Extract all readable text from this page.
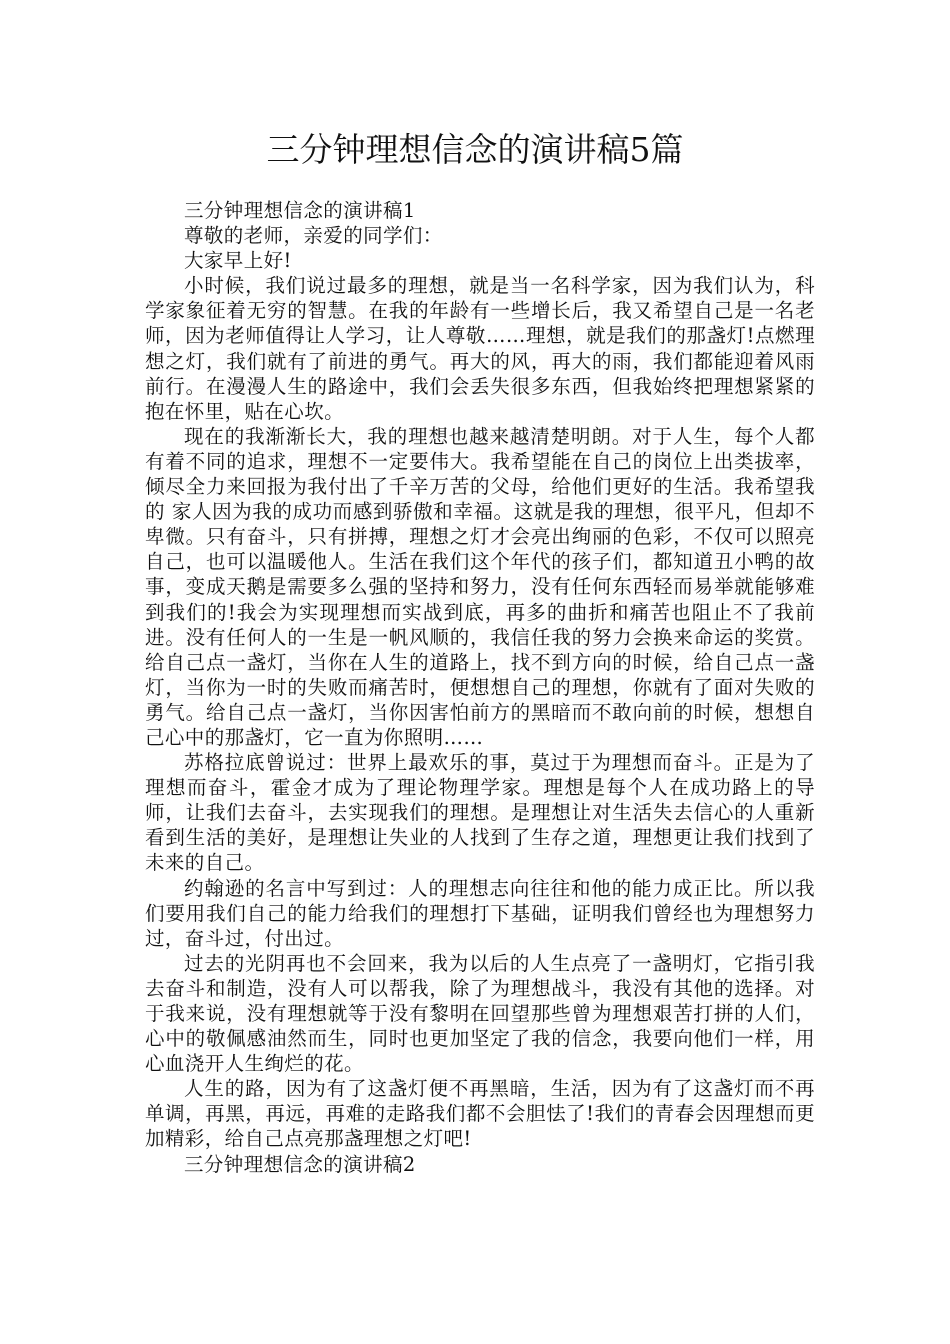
三分钟理想信念的演讲稿5篇

三分钟理想信念的演讲稿1

尊敬的老师，亲爱的同学们：

大家早上好!

小时候，我们说过最多的理想，就是当一名科学家，因为我们认为，科学家象征着无穷的智慧。在我的年龄有一些增长后，我又希望自己是一名老师，因为老师值得让人学习，让人尊敬……理想，就是我们的那盏灯!点燃理想之灯，我们就有了前进的勇气。再大的风，再大的雨，我们都能迎着风雨前行。在漫漫人生的路途中，我们会丢失很多东西，但我始终把理想紧紧的抱在怀里，贴在心坎。

现在的我渐渐长大，我的理想也越来越清楚明朗。对于人生，每个人都有着不同的追求，理想不一定要伟大。我希望能在自己的岗位上出类拔率，倾尽全力来回报为我付出了千辛万苦的父母，给他们更好的生活。我希望我的 家人因为我的成功而感到骄傲和幸福。这就是我的理想，很平凡，但却不卑微。只有奋斗，只有拼搏，理想之灯才会亮出绚丽的色彩，不仅可以照亮自己，也可以温暖他人。生活在我们这个年代的孩子们，都知道丑小鸭的故事，变成天鹅是需要多么强的坚持和努力，没有任何东西轻而易举就能够难到我们的!我会为实现理想而实战到底，再多的曲折和痛苦也阻止不了我前进。没有任何人的一生是一帆风顺的，我信任我的努力会换来命运的奖赏。给自己点一盏灯，当你在人生的道路上，找不到方向的时候，给自己点一盏灯，当你为一时的失败而痛苦时，便想想自己的理想，你就有了面对失败的勇气。给自己点一盏灯，当你因害怕前方的黑暗而不敢向前的时候，想想自己心中的那盏灯，它一直为你照明……

苏格拉底曾说过：世界上最欢乐的事，莫过于为理想而奋斗。正是为了理想而奋斗，霍金才成为了理论物理学家。理想是每个人在成功路上的导师，让我们去奋斗，去实现我们的理想。是理想让对生活失去信心的人重新看到生活的美好，是理想让失业的人找到了生存之道，理想更让我们找到了未来的自己。

约翰逊的名言中写到过：人的理想志向往往和他的能力成正比。所以我们要用我们自己的能力给我们的理想打下基础，证明我们曾经也为理想努力过，奋斗过，付出过。

过去的光阴再也不会回来，我为以后的人生点亮了一盏明灯，它指引我去奋斗和制造，没有人可以帮我，除了为理想战斗，我没有其他的选择。对于我来说，没有理想就等于没有黎明在回望那些曾为理想艰苦打拼的人们，心中的敬佩感油然而生，同时也更加坚定了我的信念，我要向他们一样，用心血浇开人生绚烂的花。

人生的路，因为有了这盏灯便不再黑暗，生活，因为有了这盏灯而不再单调，再黑，再远，再难的走路我们都不会胆怯了!我们的青春会因理想而更加精彩，给自己点亮那盏理想之灯吧!

三分钟理想信念的演讲稿2
